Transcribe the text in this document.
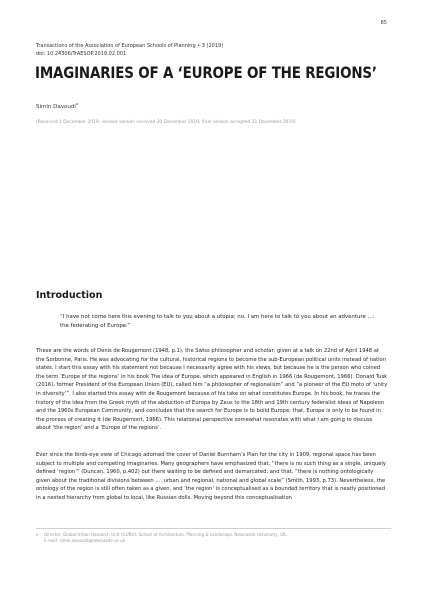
85
Transactions of the Association of European Schools of Planning • 3 (2019)
doi: 10.24306/TrAESOP.2019.02.001
IMAGINARIES OF A ‘EUROPE OF THE REGIONS’
Simin Davoudi$^a$
(Received 1 December 2019; revised version received 30 December 2019; final version accepted 31 December 2019)
Introduction
“I have not come here this evening to talk to you about a utopia; no, I am here to talk to you about an adventure …: the federating of Europe.”
These are the words of Denis de Rougemont (1948, p.1), the Swiss philosopher and scholar, given at a talk on 22nd of April 1948 at the Sorbonne, Paris. He was advocating for the cultural, historical regions to become the sub-European political units instead of nation states. I start this essay with his statement not because I necessarily agree with his views, but because he is the person who coined the term ‘Europe of the regions’ in his book The idea of Europe, which appeared in English in 1966 (de Rougemont, 1966). Donald Tusk (2016), former President of the European Union (EU), called him “a philosopher of regionalism” and “a pioneer of the EU moto of ‘unity in diversity’”. I also started this essay with de Rougemont because of his take on what constitutes Europe. In his book, he traces the history of the idea from the Greek myth of the abduction of Europa by Zeus to the 18th and 19th century federalist ideas of Napoleon and the 1960s European Community, and concludes that the search for Europe is to build Europe; that, Europe is only to be found in the process of creating it (de Rougemont, 1966). This relational perspective somewhat resonates with what I am going to discuss about ‘the region’ and a ‘Europe of the regions’.
Ever since the birds-eye view of Chicago adorned the cover of Daniel Burnham’s Plan for the city in 1909, regional space has been subject to multiple and competing imaginaries. Many geographers have emphasized that, “there is no such thing as a single, uniquely defined ‘region’” (Duncan, 1960, p.402) out there waiting to be defined and demarcated; and that, “there is nothing ontologically given about the traditional divisions between …. urban and regional, national and global scale” (Smith, 1993, p.73). Nevertheless, the ontology of the region is still often taken as a given, and ‘the region’ is conceptualised as a bounded territory that is neatly positioned in a nested hierarchy from global to local, like Russian dolls. Moving beyond this conceptualisation
a Director, Global Urban Research Unit (GURU), School of Architecture, Planning & Landscape, Newcastle University, UK.
E-mail: simin.davoudi@newcastle.ac.uk
